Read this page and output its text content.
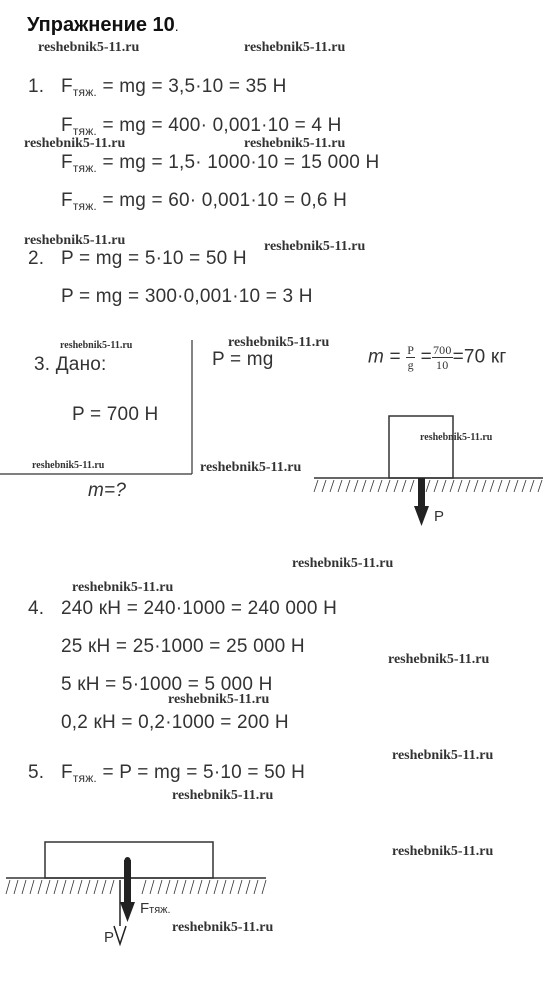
Упражнение 10.
reshebnik5-11.ru	reshebnik5-11.ru
reshebnik5-11.ru	reshebnik5-11.ru
reshebnik5-11.ru	reshebnik5-11.ru
reshebnik5-11.ru	reshebnik5-11.ru
reshebnik5-11.ru
reshebnik5-11.ru	reshebnik5-11.ru
reshebnik5-11.ru
reshebnik5-11.ru
reshebnik5-11.ru
reshebnik5-11.ru
reshebnik5-11.ru
reshebnik5-11.ru
reshebnik5-11.ru
reshebnik5-11.ru
1. $F_{тяж.}$ = mg = 3,5·10 = 35 Н
$F_{тяж.}$ = mg = 400· 0,001·10 = 4 Н
$F_{тяж.}$ = mg = 1,5· 1000·10 = 15 000 Н
$F_{тяж.}$ = mg = 60· 0,001·10 = 0,6 Н
2. P = mg = 5·10 = 50 Н
P = mg = 300·0,001·10 = 3 Н
3. Дано:
P = 700 Н
m=?
P = mg	$m = \frac{P}{g} = \frac{700}{10} =70$ кг
P
4. 240 кН = 240·1000 = 240 000 Н
25 кН = 25·1000 = 25 000 Н
5 кН = 5·1000 = 5 000 Н
0,2 кН = 0,2·1000 = 200 Н
5. $F_{тяж.} = P$ = mg = 5·10 = 50 Н
Fтяж.
P
